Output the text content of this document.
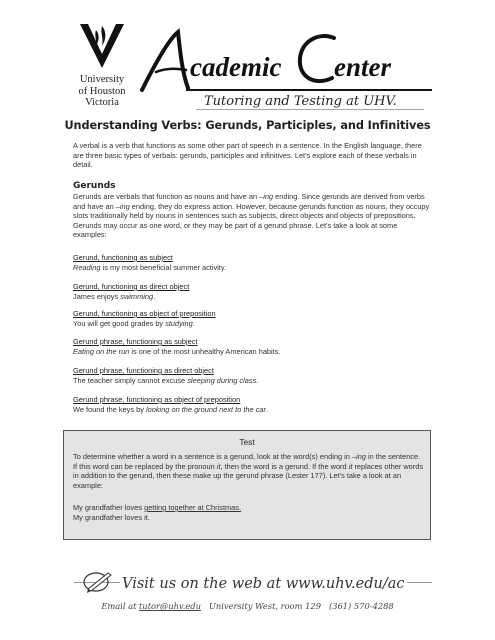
University
of Houston
Victoria
cademic enter
Tutoring and Testing at UHV.
Understanding Verbs: Gerunds, Participles, and Infinitives
A verbal is a verb that functions as some other part of speech in a sentence. In the English language, there are three basic types of verbals: gerunds, participles and infinitives. Let's explore each of these verbals in detail.
Gerunds
Gerunds are verbals that function as nouns and have an –ing ending. Since gerunds are derived from verbs and have an –ing ending, they do express action. However, because gerunds function as nouns, they occupy slots traditionally held by nouns in sentences such as subjects, direct objects and objects of prepositions. Gerunds may occur as one word, or they may be part of a gerund phrase. Let's take a look at some examples:
Gerund, functioning as subject
Reading is my most beneficial summer activity.
Gerund, functioning as direct object
James enjoys swimming.
Gerund, functioning as object of preposition
You will get good grades by studying.
Gerund phrase, functioning as subject
Eating on the run is one of the most unhealthy American habits.
Gerund phrase, functioning as direct object
The teacher simply cannot excuse sleeping during class.
Gerund phrase, functioning as object of preposition
We found the keys by looking on the ground next to the car.
Test
To determine whether a word in a sentence is a gerund, look at the word(s) ending in –ing in the sentence. If this word can be replaced by the pronoun it, then the word is a gerund. If the word it replaces other words in addition to the gerund, then these make up the gerund phrase (Lester 177). Let's take a look at an example:
My grandfather loves getting together at Christmas.
My grandfather loves it.
Visit us on the web at www.uhv.edu/ac
Email at tutor@uhv.edu University West, room 129 (361) 570-4288
